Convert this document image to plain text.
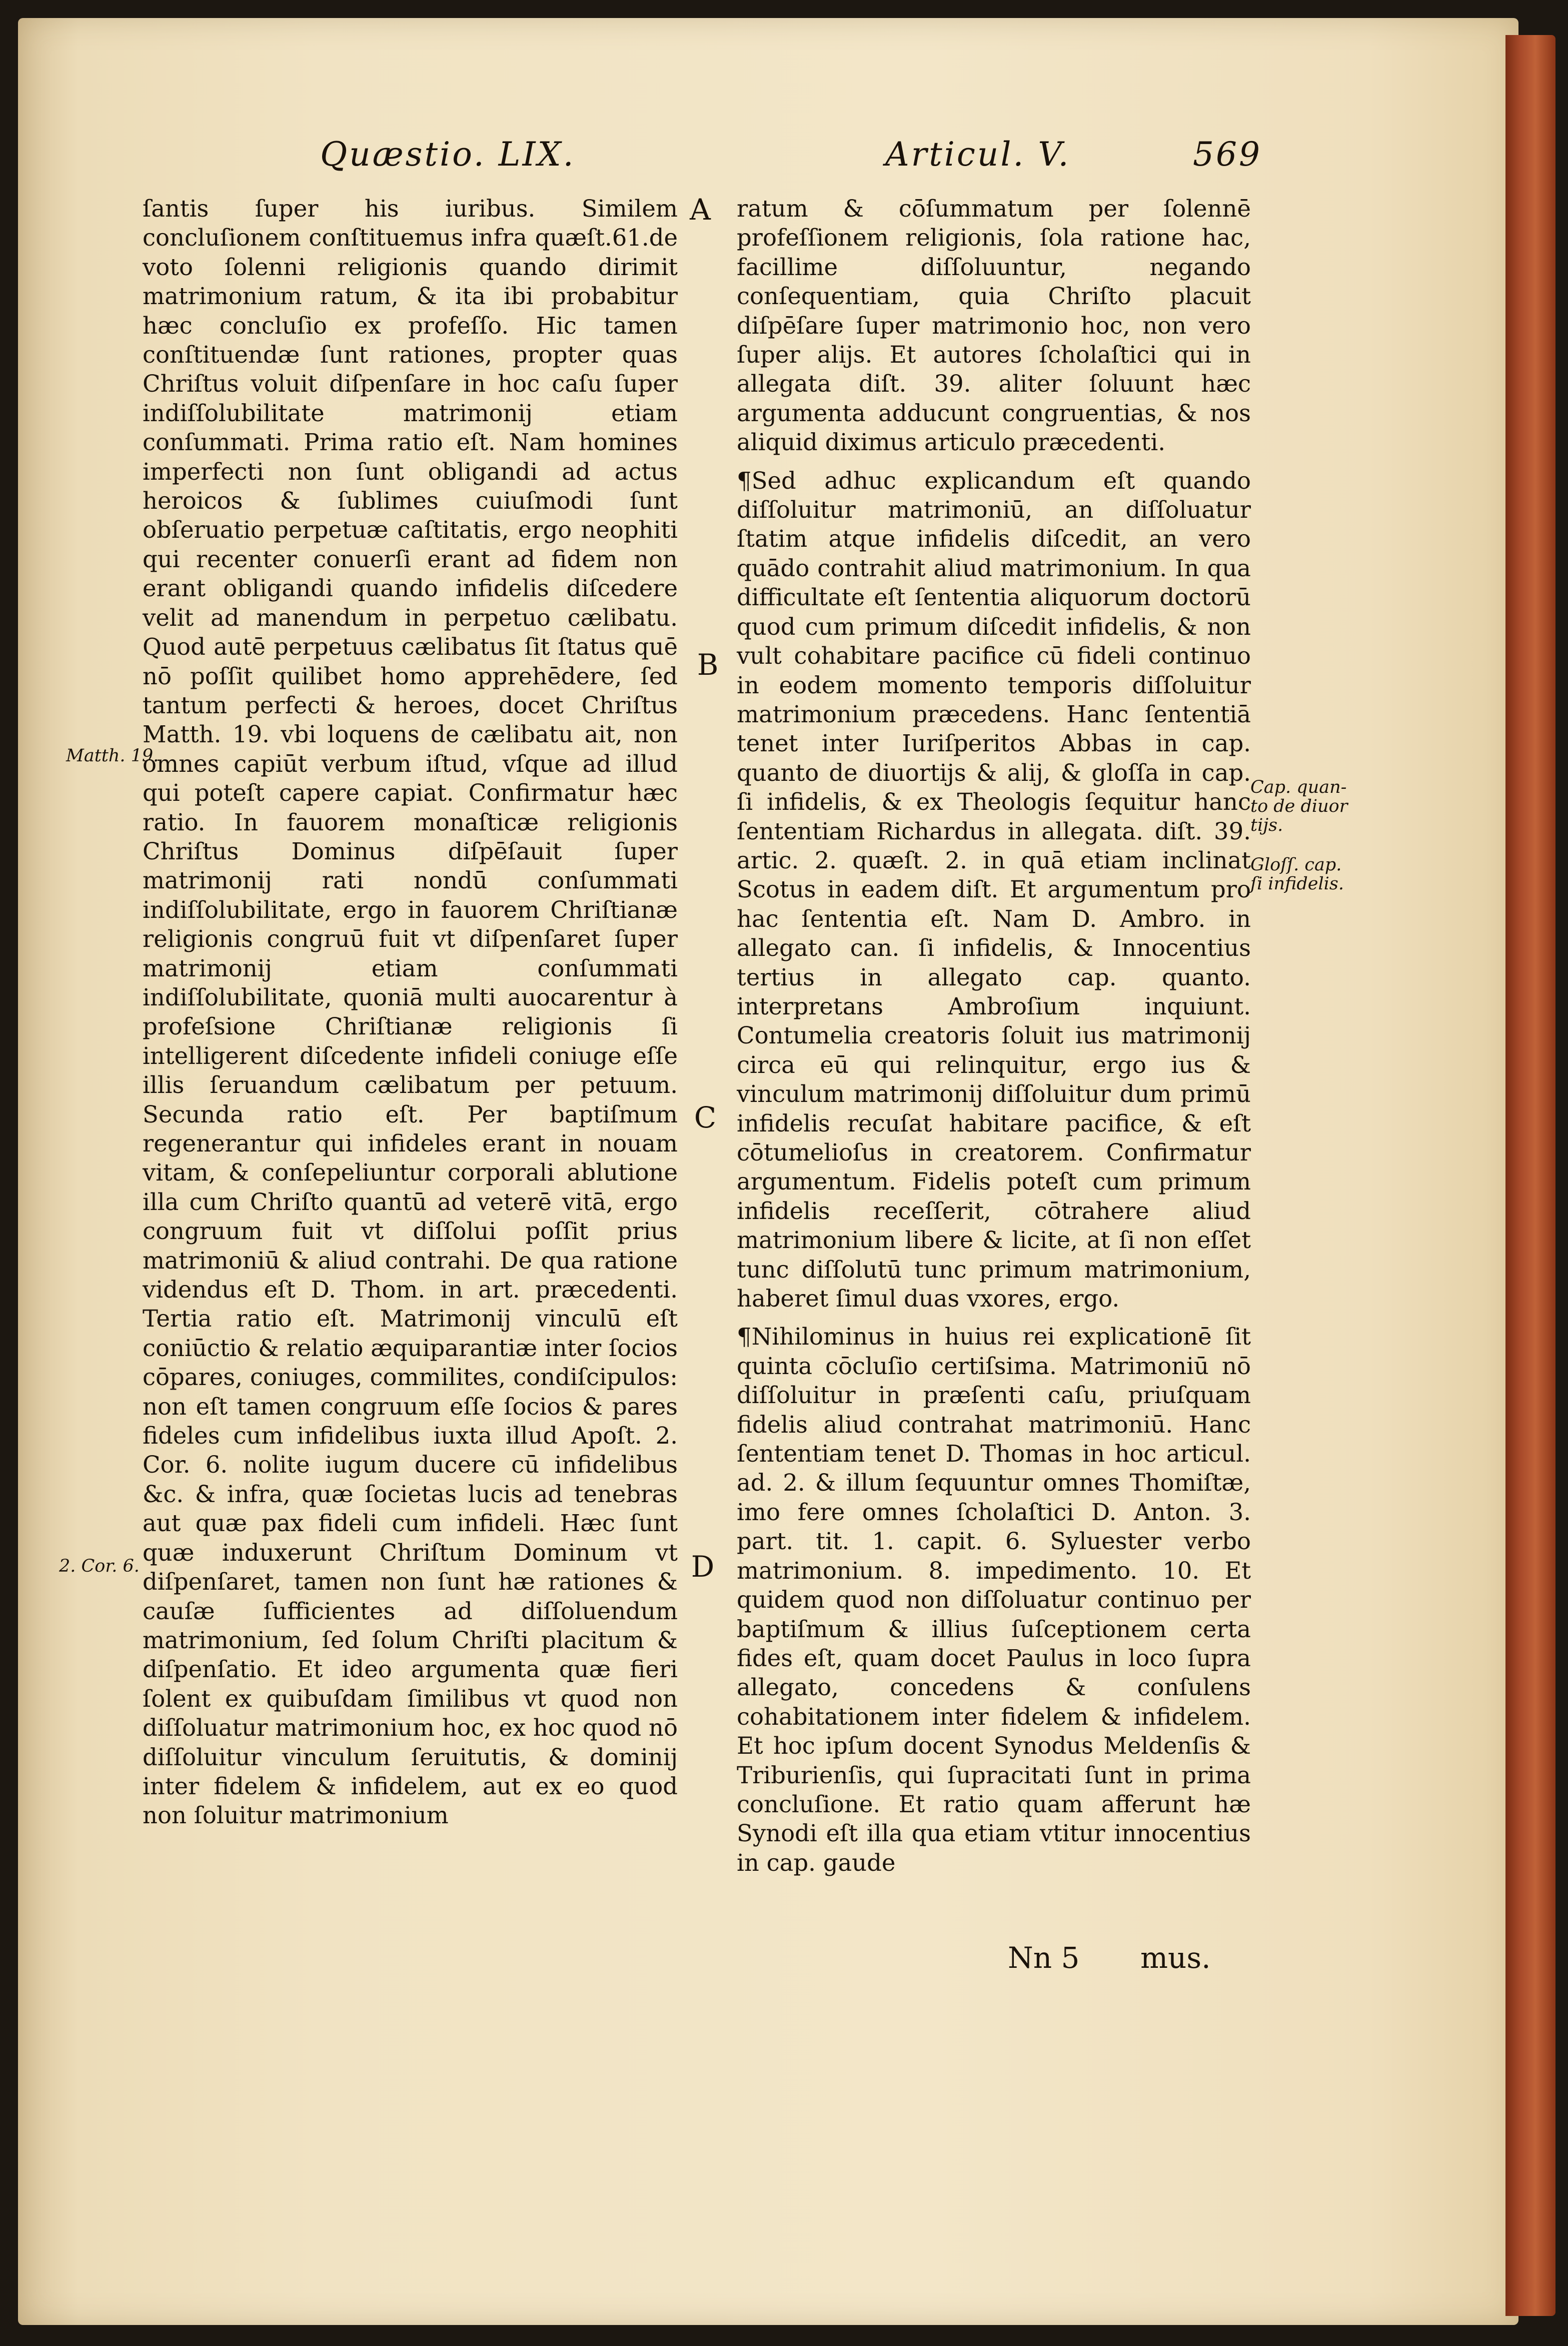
Quæstio. LIX.	Articul. V.	569

ſantis ſuper his iuribus. Similem concluſionem conſtituemus infra quæſt.61.de voto ſolenni religionis quando dirimit matrimonium ratum, & ita ibi probabitur hæc concluſio ex profeſſo. Hic tamen conſtituendæ ſunt rationes, propter quas Chriſtus voluit diſpenſare in hoc caſu ſuper indiſſolubilitate matrimonij etiam conſummati. Prima ratio eſt. Nam homines imperfecti non ſunt obligandi ad actus heroicos & ſublimes cuiuſmodi ſunt obſeruatio perpetuæ caſtitatis, ergo neophiti qui recenter conuerſi erant ad fidem non erant obligandi quando infidelis diſcedere velit ad manendum in perpetuo cælibatu. Quod autē perpetuus cælibatus ſit ſtatus quē nō poſſit quilibet homo apprehēdere, ſed tantum perfecti & heroes, docet Chriſtus Matth. 19. vbi loquens de cælibatu ait, non omnes capiūt verbum iſtud, vſque ad illud qui poteſt capere capiat. Confirmatur hæc ratio. In fauorem monaſticæ religionis Chriſtus Dominus diſpēſauit ſuper matrimonij rati nondū conſummati indiſſolubilitate, ergo in fauorem Chriſtianæ religionis congruū fuit vt diſpenſaret ſuper matrimonij etiam conſummati indiſſolubilitate, quoniā multi auocarentur à profeſsione Chriſtianæ religionis ſi intelligerent diſcedente infideli coniuge eſſe illis ſeruandum cælibatum per petuum. Secunda ratio eſt. Per baptiſmum regenerantur qui infideles erant in nouam vitam, & conſepeliuntur corporali ablutione illa cum Chriſto quantū ad veterē vitā, ergo congruum fuit vt diſſolui poſſit prius matrimoniū & aliud contrahi. De qua ratione videndus eſt D. Thom. in art. præcedenti. Tertia ratio eſt. Matrimonij vinculū eſt coniūctio & relatio æquiparantiæ inter ſocios cōpares, coniuges, commilites, condiſcipulos: non eſt tamen congruum eſſe ſocios & pares fideles cum infidelibus iuxta illud Apoſt. 2. Cor. 6. nolite iugum ducere cū infidelibus &c. & infra, quæ ſocietas lucis ad tenebras aut quæ pax fideli cum infideli. Hæc ſunt quæ induxerunt Chriſtum Dominum vt diſpenſaret, tamen non ſunt hæ rationes & cauſæ ſufficientes ad diſſoluendum matrimonium, ſed ſolum Chriſti placitum & diſpenſatio. Et ideo argumenta quæ fieri ſolent ex quibuſdam ſimilibus vt quod non diſſoluatur matrimonium hoc, ex hoc quod nō diſſoluitur vinculum ſeruitutis, & dominij inter fidelem & infidelem, aut ex eo quod non ſoluitur matrimonium

ratum & cōſummatum per ſolennē profeſſionem religionis, ſola ratione hac, facillime diſſoluuntur, negando conſequentiam, quia Chriſto placuit diſpēſare ſuper matrimonio hoc, non vero ſuper alijs. Et autores ſcholaſtici qui in allegata diſt. 39. aliter ſoluunt hæc argumenta adducunt congruentias, & nos aliquid diximus articulo præcedenti.

¶Sed adhuc explicandum eſt quando diſſoluitur matrimoniū, an diſſoluatur ſtatim atque infidelis diſcedit, an vero quādo contrahit aliud matrimonium. In qua difficultate eſt ſententia aliquorum doctorū quod cum primum diſcedit infidelis, & non vult cohabitare pacifice cū fideli continuo in eodem momento temporis diſſoluitur matrimonium præcedens. Hanc ſententiā tenet inter Iuriſperitos Abbas in cap. quanto de diuortijs & alij, & gloſſa in cap. ſi infidelis, & ex Theologis ſequitur hanc ſententiam Richardus in allegata. diſt. 39. artic. 2. quæſt. 2. in quā etiam inclinat Scotus in eadem diſt. Et argumentum pro hac ſententia eſt. Nam D. Ambro. in allegato can. ſi infidelis, & Innocentius tertius in allegato cap. quanto. interpretans Ambroſium inquiunt. Contumelia creatoris ſoluit ius matrimonij circa eū qui relinquitur, ergo ius & vinculum matrimonij diſſoluitur dum primū infidelis recuſat habitare pacifice, & eſt cōtumelioſus in creatorem. Confirmatur argumentum. Fidelis poteſt cum primum infidelis receſſerit, cōtrahere aliud matrimonium libere & licite, at ſi non eſſet tunc diſſolutū tunc primum matrimonium, haberet ſimul duas vxores, ergo.

¶Nihilominus in huius rei explicationē ſit quinta cōcluſio certiſsima. Matrimoniū nō diſſoluitur in præſenti caſu, priuſquam fidelis aliud contrahat matrimoniū. Hanc ſententiam tenet D. Thomas in hoc articul. ad. 2. & illum ſequuntur omnes Thomiſtæ, imo fere omnes ſcholaſtici D. Anton. 3. part. tit. 1. capit. 6. Syluester verbo matrimonium. 8. impedimento. 10. Et quidem quod non diſſoluatur continuo per baptiſmum & illius ſuſceptionem certa fides eſt, quam docet Paulus in loco ſupra allegato, concedens & conſulens cohabitationem inter fidelem & infidelem. Et hoc ipſum docent Synodus Meldenſis & Triburienſis, qui ſupracitati ſunt in prima concluſione. Et ratio quam afferunt hæ Synodi eſt illa qua etiam vtitur innocentius in cap. gaude

A
B
C
D
Matth. 19.
2. Cor. 6.
Cap. quan-
to de diuor
tijs.
Gloſſ. cap.
ſi infidelis.
Nn 5 mus.
